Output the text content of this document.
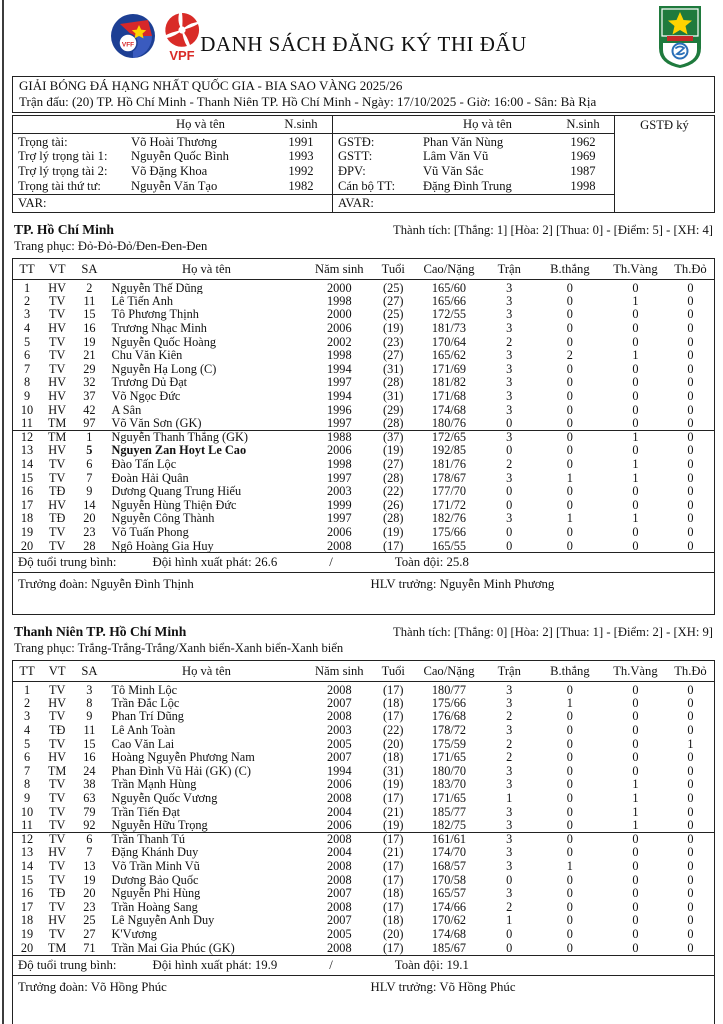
VFF
VPF DANH SÁCH ĐĂNG KÝ THI ĐẤU
GIẢI BÓNG ĐÁ HẠNG NHẤT QUỐC GIA - BIA SAO VÀNG 2025/26
Trận đấu: (20) TP. Hồ Chí Minh - Thanh Niên TP. Hồ Chí Minh - Ngày: 17/10/2025 - Giờ: 16:00 - Sân: Bà Rịa
Họ và tên	N.sinh
Trọng tài:	Võ Hoài Thương	1991
Trợ lý trọng tài 1:	Nguyễn Quốc Bình	1993
Trợ lý trọng tài 2:	Võ Đặng Khoa	1992
Trọng tài thứ tư:	Nguyễn Văn Tạo	1982
VAR:
Họ và tên	N.sinh
GSTĐ:	Phan Văn Nùng	1962
GSTT:	Lâm Văn Vũ	1969
ĐPV:	Vũ Văn Sắc	1987
Cán bộ TT:	Đặng Đình Trung	1998
AVAR:
GSTĐ ký
TP. Hồ Chí Minh	Thành tích: [Thắng: 1] [Hòa: 2] [Thua: 0] - [Điểm: 5] - [XH: 4]
Trang phục: Đỏ-Đỏ-Đỏ/Đen-Đen-Đen
TT	VT	SA	Họ và tên	Năm sinh	Tuổi	Cao/Nặng	Trận	B.thắng	Th.Vàng	Th.Đỏ
1	HV	2	Nguyễn Thế Dũng	2000	(25)	165/60	3	0	0	0
2	TV	11	Lê Tiến Anh	1998	(27)	165/66	3	0	1	0
3	TV	15	Tô Phương Thịnh	2000	(25)	172/55	3	0	0	0
4	HV	16	Trương Nhạc Minh	2006	(19)	181/73	3	0	0	0
5	TV	19	Nguyễn Quốc Hoàng	2002	(23)	170/64	2	0	0	0
6	TV	21	Chu Văn Kiên	1998	(27)	165/62	3	2	1	0
7	TV	29	Nguyễn Hạ Long (C)	1994	(31)	171/69	3	0	0	0
8	HV	32	Trương Dủ Đạt	1997	(28)	181/82	3	0	0	0
9	HV	37	Võ Ngọc Đức	1994	(31)	171/68	3	0	0	0
10	HV	42	A Sân	1996	(29)	174/68	3	0	0	0
11	TM	97	Võ Văn Sơn (GK)	1997	(28)	180/76	0	0	0	0
12	TM	1	Nguyễn Thanh Thắng (GK)	1988	(37)	172/65	3	0	1	0
13	HV	5	Nguyen Zan Hoyt Le Cao	2006	(19)	192/85	0	0	0	0
14	TV	6	Đào Tấn Lộc	1998	(27)	181/76	2	0	1	0
15	TV	7	Đoàn Hải Quân	1997	(28)	178/67	3	1	1	0
16	TĐ	9	Dương Quang Trung Hiếu	2003	(22)	177/70	0	0	0	0
17	HV	14	Nguyễn Hùng Thiện Đức	1999	(26)	171/72	0	0	0	0
18	TĐ	20	Nguyễn Công Thành	1997	(28)	182/76	3	1	1	0
19	TV	23	Võ Tuấn Phong	2006	(19)	175/66	0	0	0	0
20	TV	28	Ngô Hoàng Gia Huy	2008	(17)	165/55	0	0	0	0
Độ tuổi trung bình:	Đội hình xuất phát: 26.6	/	Toàn đội: 25.8
Trưởng đoàn: Nguyễn Đình Thịnh	HLV trưởng: Nguyễn Minh Phương
Thanh Niên TP. Hồ Chí Minh	Thành tích: [Thắng: 0] [Hòa: 2] [Thua: 1] - [Điểm: 2] - [XH: 9]
Trang phục: Trắng-Trắng-Trắng/Xanh biển-Xanh biển-Xanh biển
TT	VT	SA	Họ và tên	Năm sinh	Tuổi	Cao/Nặng	Trận	B.thắng	Th.Vàng	Th.Đỏ
1	TV	3	Tô Minh Lộc	2008	(17)	180/77	3	0	0	0
2	HV	8	Trần Đắc Lộc	2007	(18)	175/66	3	1	0	0
3	TV	9	Phan Trí Dũng	2008	(17)	176/68	2	0	0	0
4	TĐ	11	Lê Anh Toàn	2003	(22)	178/72	3	0	0	0
5	TV	15	Cao Văn Lai	2005	(20)	175/59	2	0	0	1
6	HV	16	Hoàng Nguyễn Phương Nam	2007	(18)	171/65	2	0	0	0
7	TM	24	Phan Đình Vũ Hải (GK) (C)	1994	(31)	180/70	3	0	0	0
8	TV	38	Trần Mạnh Hùng	2006	(19)	183/70	3	0	1	0
9	TV	63	Nguyễn Quốc Vương	2008	(17)	171/65	1	0	1	0
10	TV	79	Trần Tiến Đạt	2004	(21)	185/77	3	0	1	0
11	TV	92	Nguyễn Hữu Trọng	2006	(19)	182/75	3	0	1	0
12	TV	6	Trần Thanh Tú	2008	(17)	161/61	3	0	0	0
13	HV	7	Đặng Khánh Duy	2004	(21)	174/70	3	0	0	0
14	TV	13	Võ Trần Minh Vũ	2008	(17)	168/57	3	1	0	0
15	TV	19	Dương Bảo Quốc	2008	(17)	170/58	0	0	0	0
16	TĐ	20	Nguyễn Phi Hùng	2007	(18)	165/57	3	0	0	0
17	TV	23	Trần Hoàng Sang	2008	(17)	174/66	2	0	0	0
18	HV	25	Lê Nguyễn Anh Duy	2007	(18)	170/62	1	0	0	0
19	TV	27	K'Vương	2005	(20)	174/68	0	0	0	0
20	TM	71	Trần Mai Gia Phúc (GK)	2008	(17)	185/67	0	0	0	0
Độ tuổi trung bình:	Đội hình xuất phát: 19.9	/	Toàn đội: 19.1
Trưởng đoàn: Võ Hồng Phúc	HLV trưởng: Võ Hồng Phúc
